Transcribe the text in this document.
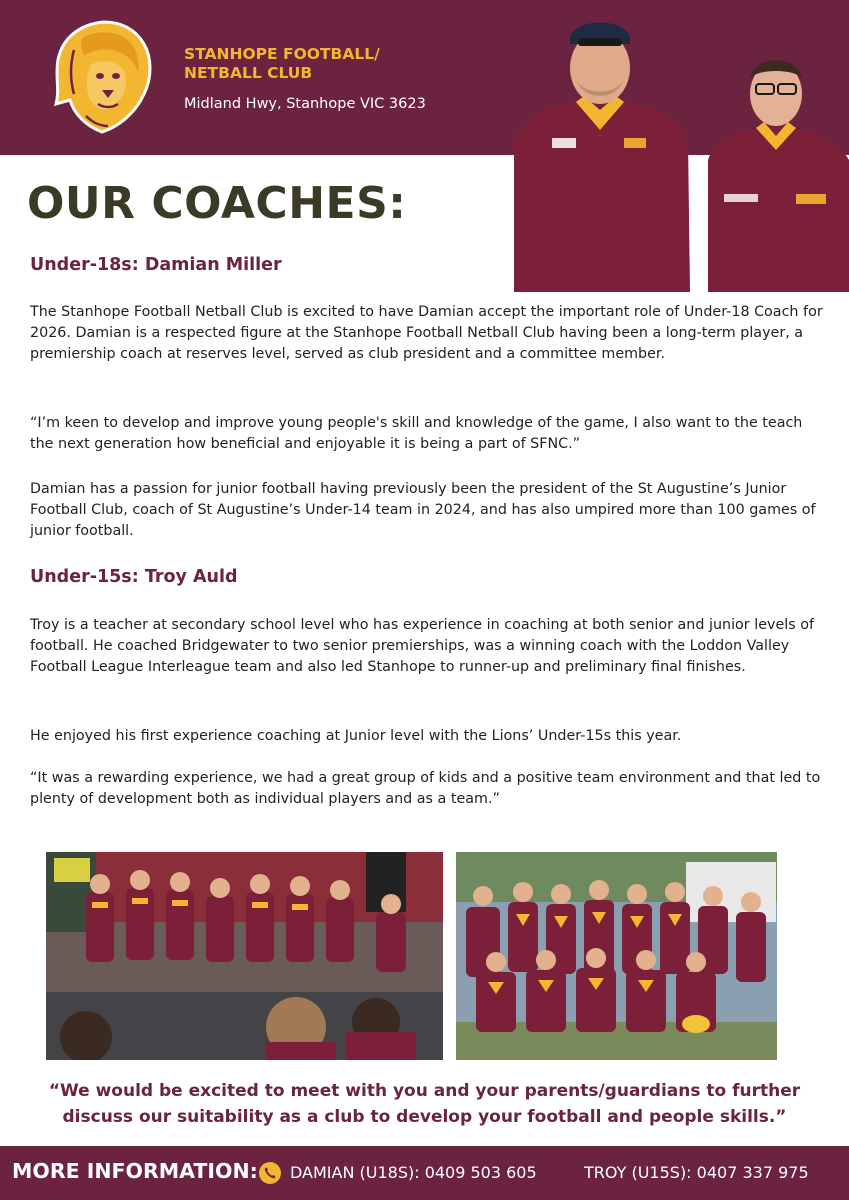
STANHOPE FOOTBALL/
NETBALL CLUB
Midland Hwy, Stanhope VIC 3623
OUR COACHES:
Under-18s: Damian Miller

The Stanhope Football Netball Club is excited to have Damian accept the important role of Under-18 Coach for 2026. Damian is a respected figure at the Stanhope Football Netball Club having been a long-term player, a premiership coach at reserves level, served as club president and a committee member.

“I’m keen to develop and improve young people's skill and knowledge of the game, I also want to the teach the next generation how beneficial and enjoyable it is being a part of SFNC.”

Damian has a passion for junior football having previously been the president of the St Augustine’s Junior Football Club, coach of St Augustine’s Under-14 team in 2024, and has also umpired more than 100 games of junior football.

Under-15s: Troy Auld

Troy is a teacher at secondary school level who has experience in coaching at both senior and junior levels of football. He coached Bridgewater to two senior premierships, was a winning coach with the Loddon Valley Football League Interleague team and also led Stanhope to runner-up and preliminary final finishes.

He enjoyed his first experience coaching at Junior level with the Lions’ Under-15s this year.

“It was a rewarding experience, we had a great group of kids and a positive team environment and that led to plenty of development both as individual players and as a team.”

“We would be excited to meet with you and your parents/guardians to further
discuss our suitability as a club to develop your football and people skills.”
MORE INFORMATION: DAMIAN (U18S): 0409 503 605	TROY (U15S): 0407 337 975
